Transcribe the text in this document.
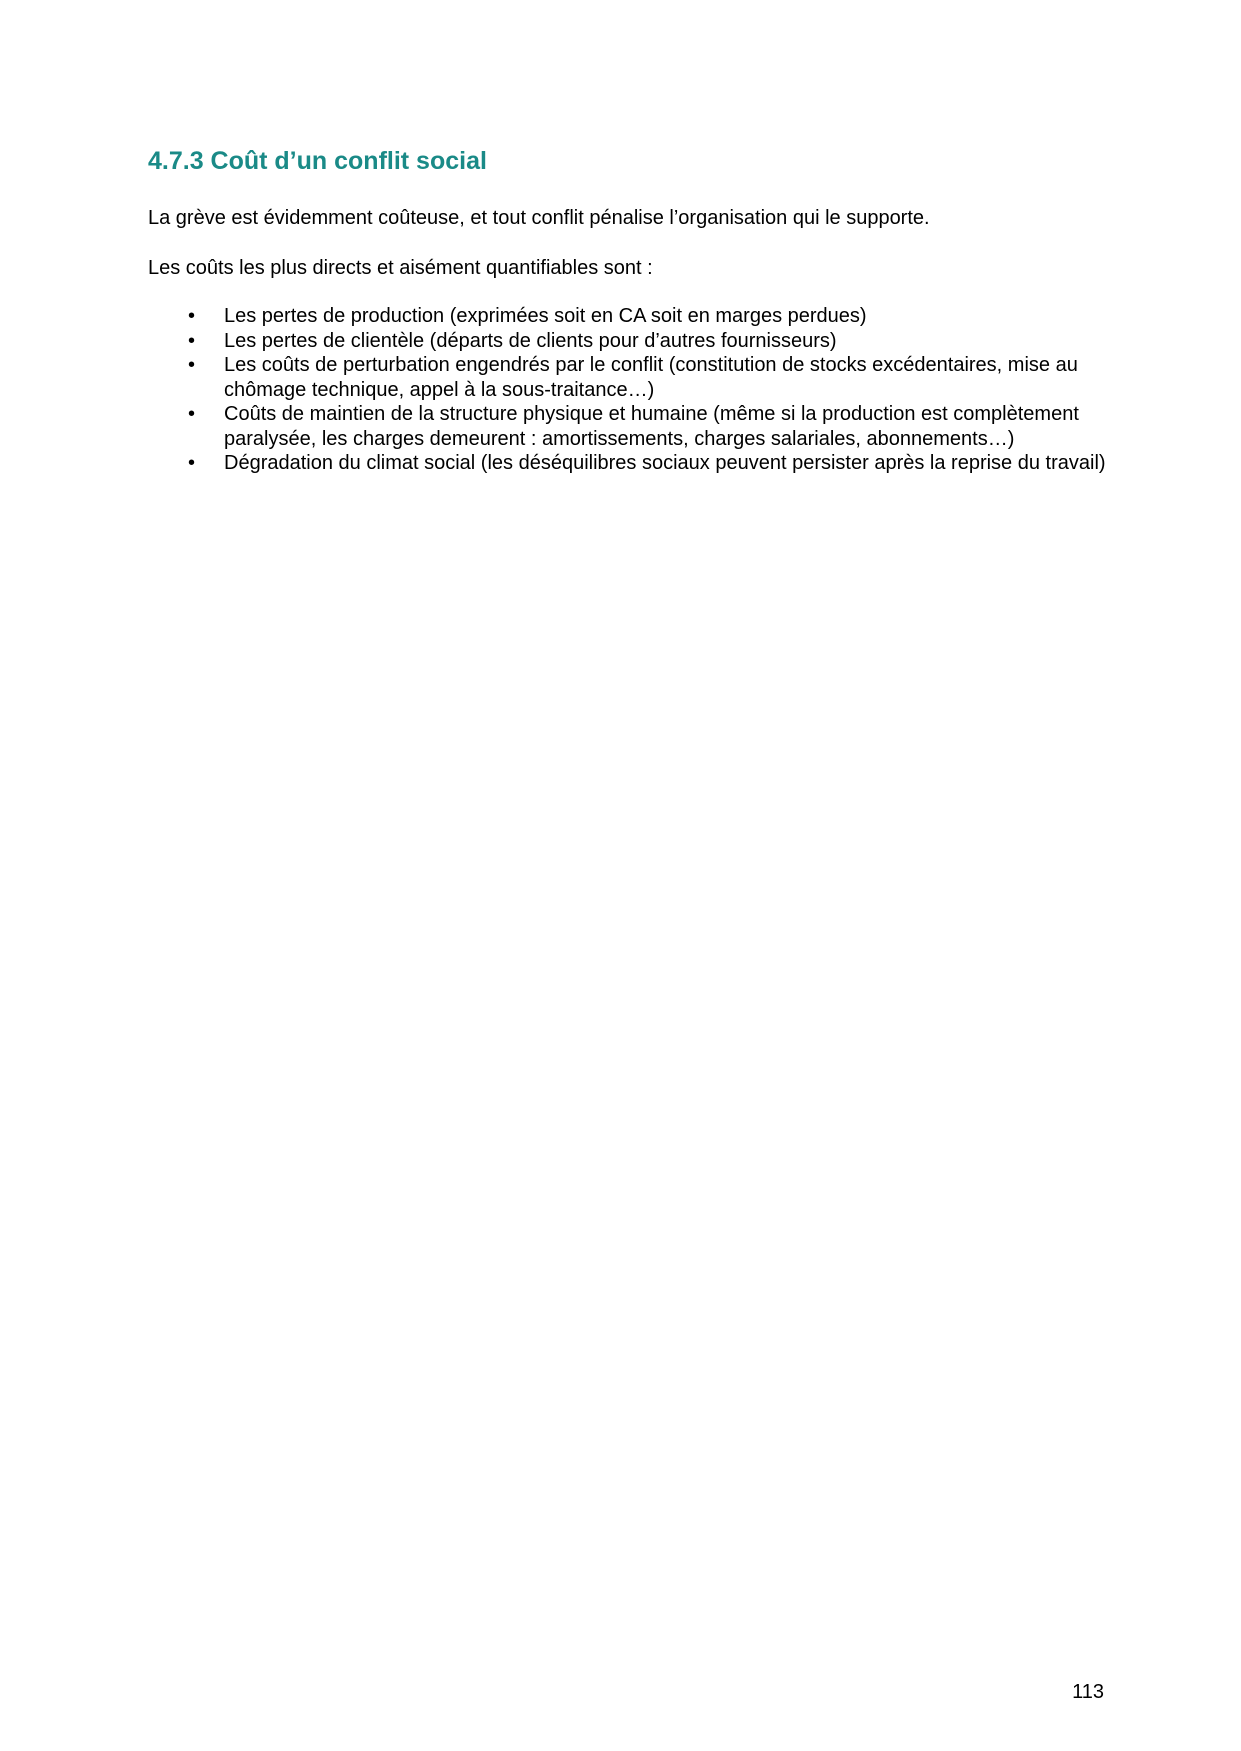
4.7.3 Coût d’un conflit social

La grève est évidemment coûteuse, et tout conflit pénalise l’organisation qui le supporte.

Les coûts les plus directs et aisément quantifiables sont :

• Les pertes de production (exprimées soit en CA soit en marges perdues)
• Les pertes de clientèle (départs de clients pour d’autres fournisseurs)
• Les coûts de perturbation engendrés par le conflit (constitution de stocks excédentaires, mise au chômage technique, appel à la sous-traitance…)
• Coûts de maintien de la structure physique et humaine (même si la production est complètement paralysée, les charges demeurent : amortissements, charges salariales, abonnements…)
• Dégradation du climat social (les déséquilibres sociaux peuvent persister après la reprise du travail)
113
